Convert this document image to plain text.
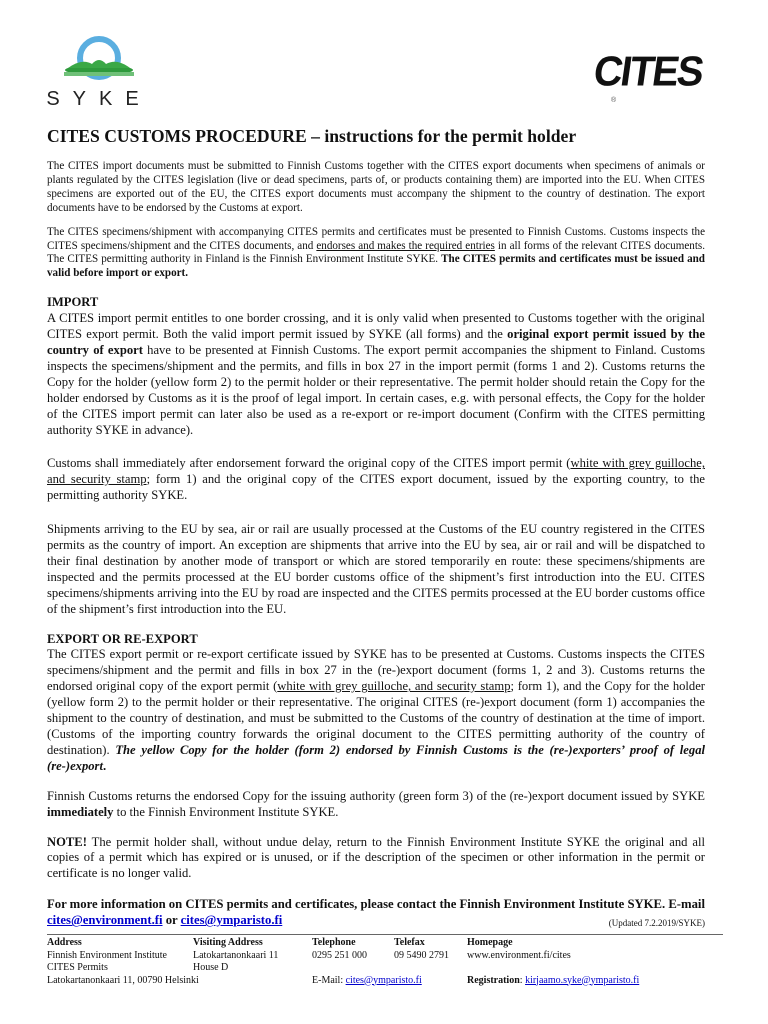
SYKE
CITES
®
CITES CUSTOMS PROCEDURE – instructions for the permit holder

The CITES import documents must be submitted to Finnish Customs together with the CITES export documents when specimens of animals or plants regulated by the CITES legislation (live or dead specimens, parts of, or products containing them) are imported into the EU. When CITES specimens are exported out of the EU, the CITES export documents must accompany the shipment to the country of destination. The export documents have to be endorsed by the Customs at export.

The CITES specimens/shipment with accompanying CITES permits and certificates must be presented to Finnish Customs. Customs inspects the CITES specimens/shipment and the CITES documents, and endorses and makes the required entries in all forms of the relevant CITES documents. The CITES permitting authority in Finland is the Finnish Environment Institute SYKE. The CITES permits and certificates must be issued and valid before import or export.

IMPORT

A CITES import permit entitles to one border crossing, and it is only valid when presented to Customs together with the original CITES export permit. Both the valid import permit issued by SYKE (all forms) and the original export permit issued by the country of export have to be presented at Finnish Customs. The export permit accompanies the shipment to Finland. Customs inspects the specimens/shipment and the permits, and fills in box 27 in the import permit (forms 1 and 2). Customs returns the Copy for the holder (yellow form 2) to the permit holder or their representative. The permit holder should retain the Copy for the holder endorsed by Customs as it is the proof of legal import. In certain cases, e.g. with personal effects, the Copy for the holder of the CITES import permit can later also be used as a re-export or re-import document (Confirm with the CITES permitting authority SYKE in advance).

Customs shall immediately after endorsement forward the original copy of the CITES import permit (white with grey guilloche, and security stamp; form 1) and the original copy of the CITES export document, issued by the exporting country, to the permitting authority SYKE.

Shipments arriving to the EU by sea, air or rail are usually processed at the Customs of the EU country registered in the CITES permits as the country of import. An exception are shipments that arrive into the EU by sea, air or rail and will be dispatched to their final destination by another mode of transport or which are stored temporarily en route: these specimens/shipments are inspected and the permits processed at the EU border customs office of the shipment’s first introduction into the EU. CITES specimens/shipments arriving into the EU by road are inspected and the CITES permits processed at the EU border customs office of the shipment’s first introduction into the EU.

EXPORT OR RE-EXPORT

The CITES export permit or re-export certificate issued by SYKE has to be presented at Customs. Customs inspects the CITES specimens/shipment and the permit and fills in box 27 in the (re-)export document (forms 1, 2 and 3). Customs returns the endorsed original copy of the export permit (white with grey guilloche, and security stamp; form 1), and the Copy for the holder (yellow form 2) to the permit holder or their representative. The original CITES (re-)export document (form 1) accompanies the shipment to the country of destination, and must be submitted to the Customs of the country of destination at the time of import. (Customs of the importing country forwards the original document to the CITES permitting authority of the country of destination). The yellow Copy for the holder (form 2) endorsed by Finnish Customs is the (re-)exporters’ proof of legal (re-)export.

Finnish Customs returns the endorsed Copy for the issuing authority (green form 3) of the (re-)export document issued by SYKE immediately to the Finnish Environment Institute SYKE.

NOTE! The permit holder shall, without undue delay, return to the Finnish Environment Institute SYKE the original and all copies of a permit which has expired or is unused, or if the description of the specimen or other information in the permit or certificate is no longer valid.

For more information on CITES permits and certificates, please contact the Finnish Environment Institute SYKE. E-mail cites@environment.fi or cites@ymparisto.fi	(Updated 7.2.2019/SYKE)

Address
Finnish Environment Institute
CITES Permits
Latokartanonkaari 11, 00790 Helsinki
Visiting Address
Latokartanonkaari 11
House D
Telephone
0295 251 000

E-Mail: cites@ymparisto.fi
Telefax
09 5490 2791
Homepage
www.environment.fi/cites

Registration: kirjaamo.syke@ymparisto.fi
